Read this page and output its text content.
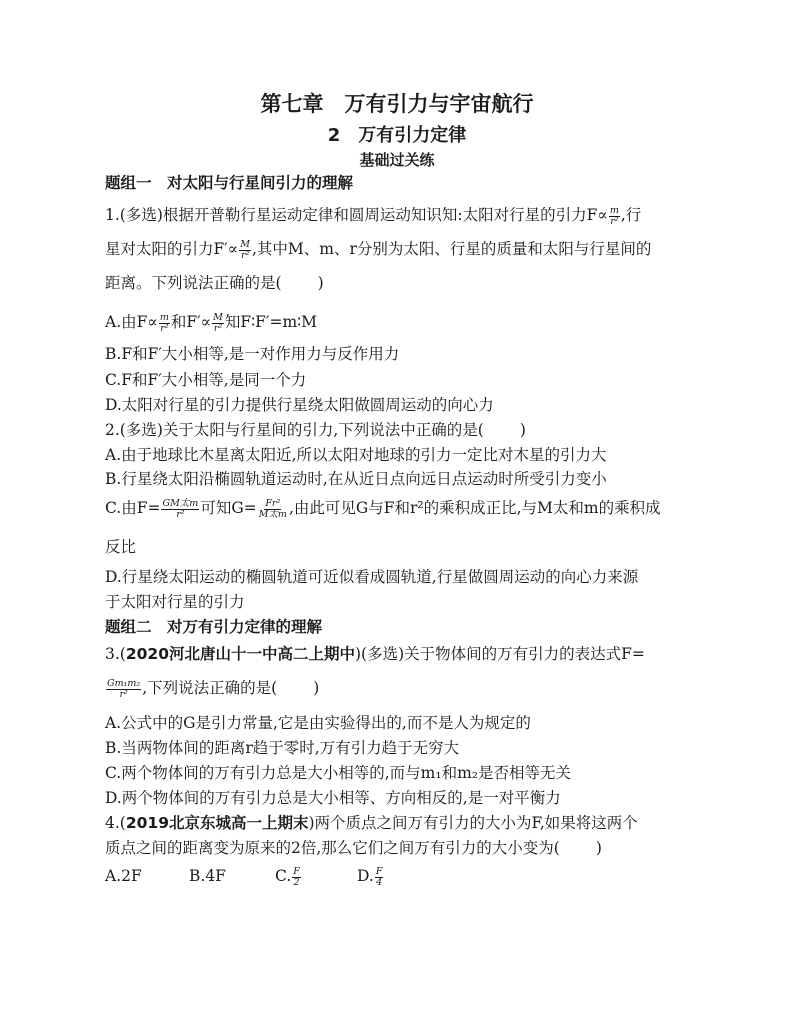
第七章　万有引力与宇宙航行
2　万有引力定律
基础过关练
题组一　对太阳与行星间引力的理解
1.(多选)根据开普勒行星运动定律和圆周运动知识知:太阳对行星的引力$F\propto \frac{m}{\text{r²}}$ ,行
星对太阳的引力$F'\propto \frac{M}{\text{r²}}$ ,其中M、m、r分别为太阳、行星的质量和太阳与行星间的
距离。下列说法正确的是( )
A.由$F\propto \frac{m}{\text{r²}}$ 和$F'\propto \frac{M}{\text{r²}}$ 知F∶F′=m∶M
B.F和F′大小相等,是一对作用力与反作用力
C.F和F′大小相等,是同一个力
D.太阳对行星的引力提供行星绕太阳做圆周运动的向心力
2.(多选)关于太阳与行星间的引力,下列说法中正确的是( )
A.由于地球比木星离太阳近,所以太阳对地球的引力一定比对木星的引力大
B.行星绕太阳沿椭圆轨道运动时,在从近日点向远日点运动时所受引力变小
C.由$F= \frac{\text{GM太m}}{\text{r²}}$ 可知$G= \frac{\text{Fr²}}{\text{M太m}}$ ,由此可见G与F和r²的乘积成正比,与M太和m的乘积成
反比
D.行星绕太阳运动的椭圆轨道可近似看成圆轨道,行星做圆周运动的向心力来源
于太阳对行星的引力
题组二　对万有引力定律的理解
3.(2020河北唐山十一中高二上期中)(多选)关于物体间的万有引力的表达式F=
$\frac{\text{Gm₁m₂}}{\text{r²}}$ ,下列说法正确的是( )
A.公式中的G是引力常量,它是由实验得出的,而不是人为规定的
B.当两物体间的距离r趋于零时,万有引力趋于无穷大
C.两个物体间的万有引力总是大小相等的,而与m₁和m₂是否相等无关
D.两个物体间的万有引力总是大小相等、方向相反的,是一对平衡力
4.(2019北京东城高一上期末)两个质点之间万有引力的大小为F,如果将这两个
质点之间的距离变为原来的2倍,那么它们之间万有引力的大小变为( )
A.2F	B.4F	C. $\frac{F}{2}$	D. $\frac{F}{4}$
